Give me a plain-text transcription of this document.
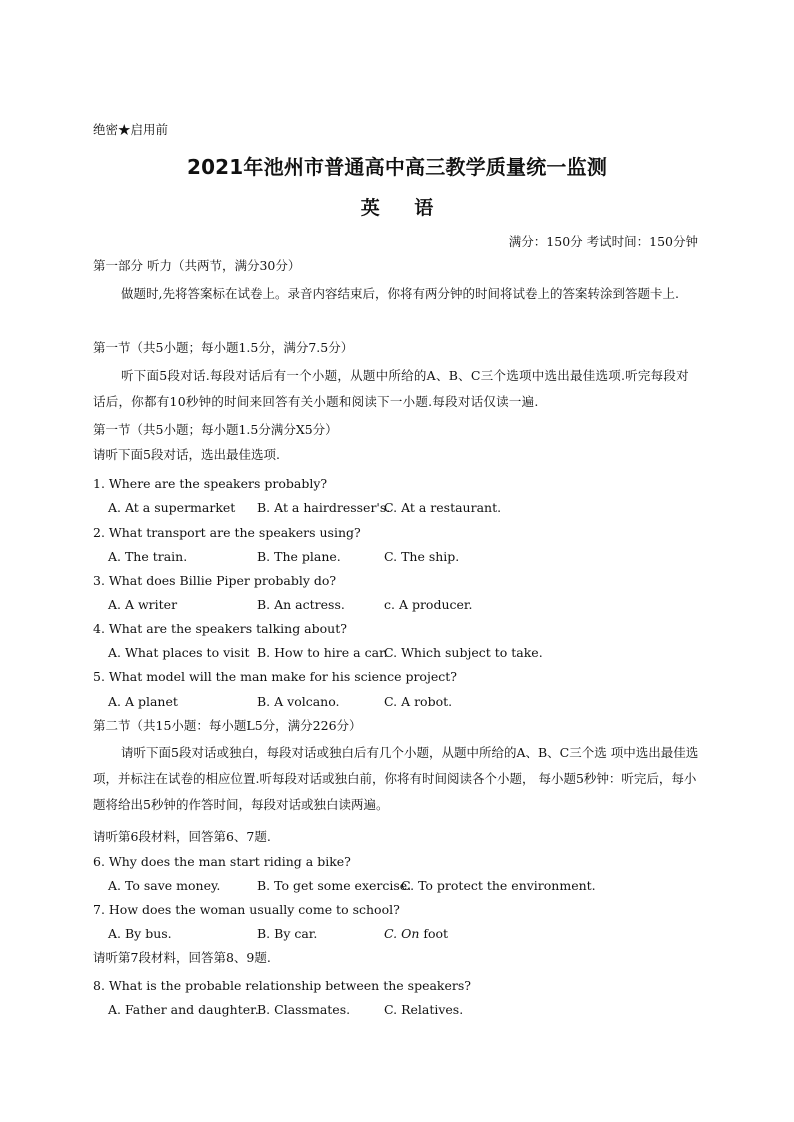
绝密★启用前
2021年池州市普通高中高三教学质量统一监测
英 语
满分：150分 考试时间：150分钟
第一部分 听力（共两节，满分30分）
做题时,先将答案标在试卷上。录音内容结束后，你将有两分钟的时间将试卷上的答案转涂到答题卡上.
第一节（共5小题；每小题1.5分，满分7.5分）
听下面5段对话.每段对话后有一个小题，从题中所给的A、B、C三个选项中选出最佳选项.听完每段对话后，你都有10秒钟的时间来回答有关小题和阅读下一小题.每段对话仅读一遍.
第一节（共5小题；每小题1.5分满分X5分）
请听下面5段对话，选出最佳选项.
1. Where are the speakers probably?
A. At a supermarket B. At a hairdresser's.
C. At a restaurant.
2. What transport are the speakers using?
A. The train.	B. The plane.	C. The ship.
3. What does Billie Piper probably do?
A. A writer	B. An actress.	c. A producer.
4. What are the speakers talking about?
A. What places to visit B. How to hire a car.
C. Which subject to take.
5. What model will the man make for his science project?
A. A planet	B. A volcano.	C. A robot.
第二节（共15小题：每小题L5分，满分226分）
请听下面5段对话或独白，每段对话或独白后有几个小题，从题中所给的A、B、C三个选 项中选出最佳选项，并标注在试卷的相应位置.听每段对话或独白前，你将有时间阅读各个小题， 每小题5秒钟：听完后，每小题将给出5秒钟的作答时间，每段对话或独白读两遍。
请听第6段材料，回答第6、7题.
6. Why does the man start riding a bike?
A. To save money.	B. To get some exercise.
C. To protect the environment.
7. How does the woman usually come to school?
A. By bus.	B. By car.	C. On foot
请听第7段材料，回答第8、9题.
8. What is the probable relationship between the speakers?
A. Father and daughter.
B. Classmates.	C. Relatives.
